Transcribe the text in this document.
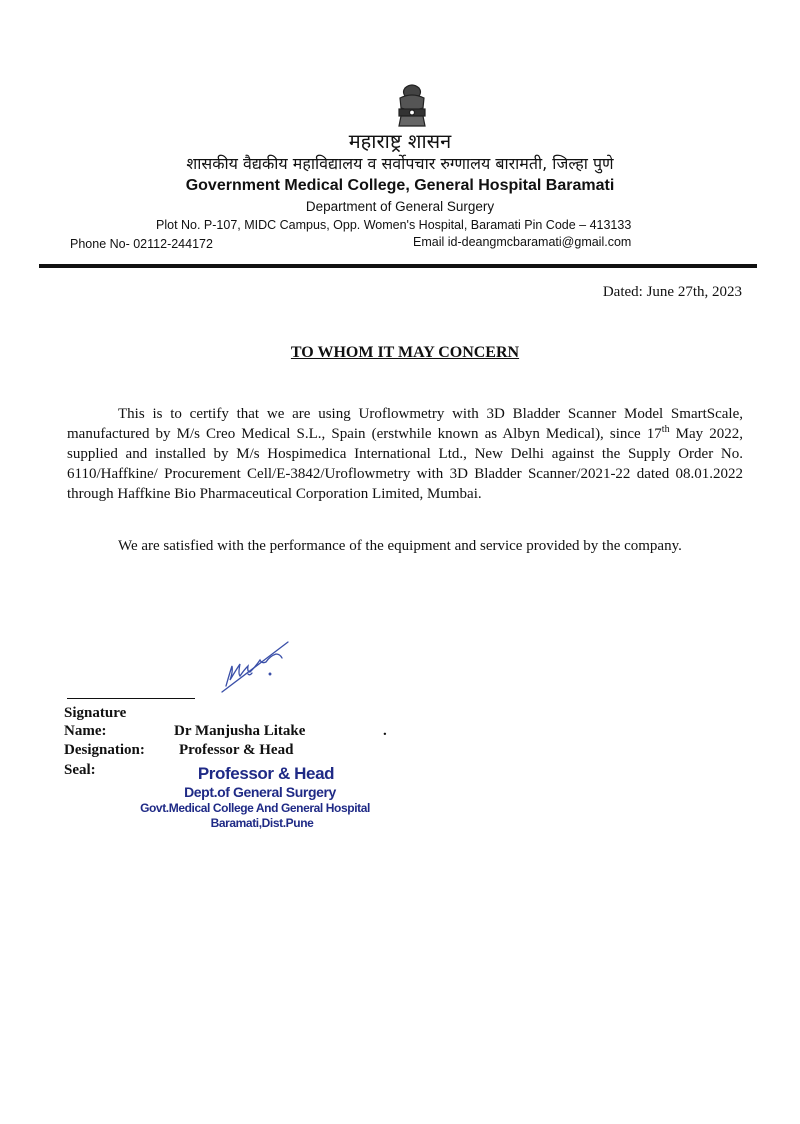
महाराष्ट्र शासन
शासकीय वैद्यकीय महाविद्यालय व सर्वोपचार रुग्णालय बारामती, जिल्हा पुणे
Government Medical College, General Hospital Baramati
Department of General Surgery
Plot No. P-107, MIDC Campus, Opp. Women's Hospital, Baramati Pin Code – 413133
Phone No- 02112-244172	Email id-deangmcbaramati@gmail.com
Dated: June 27th, 2023
TO WHOM IT MAY CONCERN
This is to certify that we are using Uroflowmetry with 3D Bladder Scanner Model SmartScale, manufactured by M/s Creo Medical S.L., Spain (erstwhile known as Albyn Medical), since 17th May 2022, supplied and installed by M/s Hospimedica International Ltd., New Delhi against the Supply Order No. 6110/Haffkine/ Procurement Cell/E-3842/Uroflowmetry with 3D Bladder Scanner/2021-22 dated 08.01.2022 through Haffkine Bio Pharmaceutical Corporation Limited, Mumbai.
We are satisfied with the performance of the equipment and service provided by the company.
Signature
Name:	Dr Manjusha Litake	.
Designation: Professor & Head
Seal:	Professor & Head
Dept.of General Surgery
Govt.Medical College And General Hospital
Baramati,Dist.Pune
